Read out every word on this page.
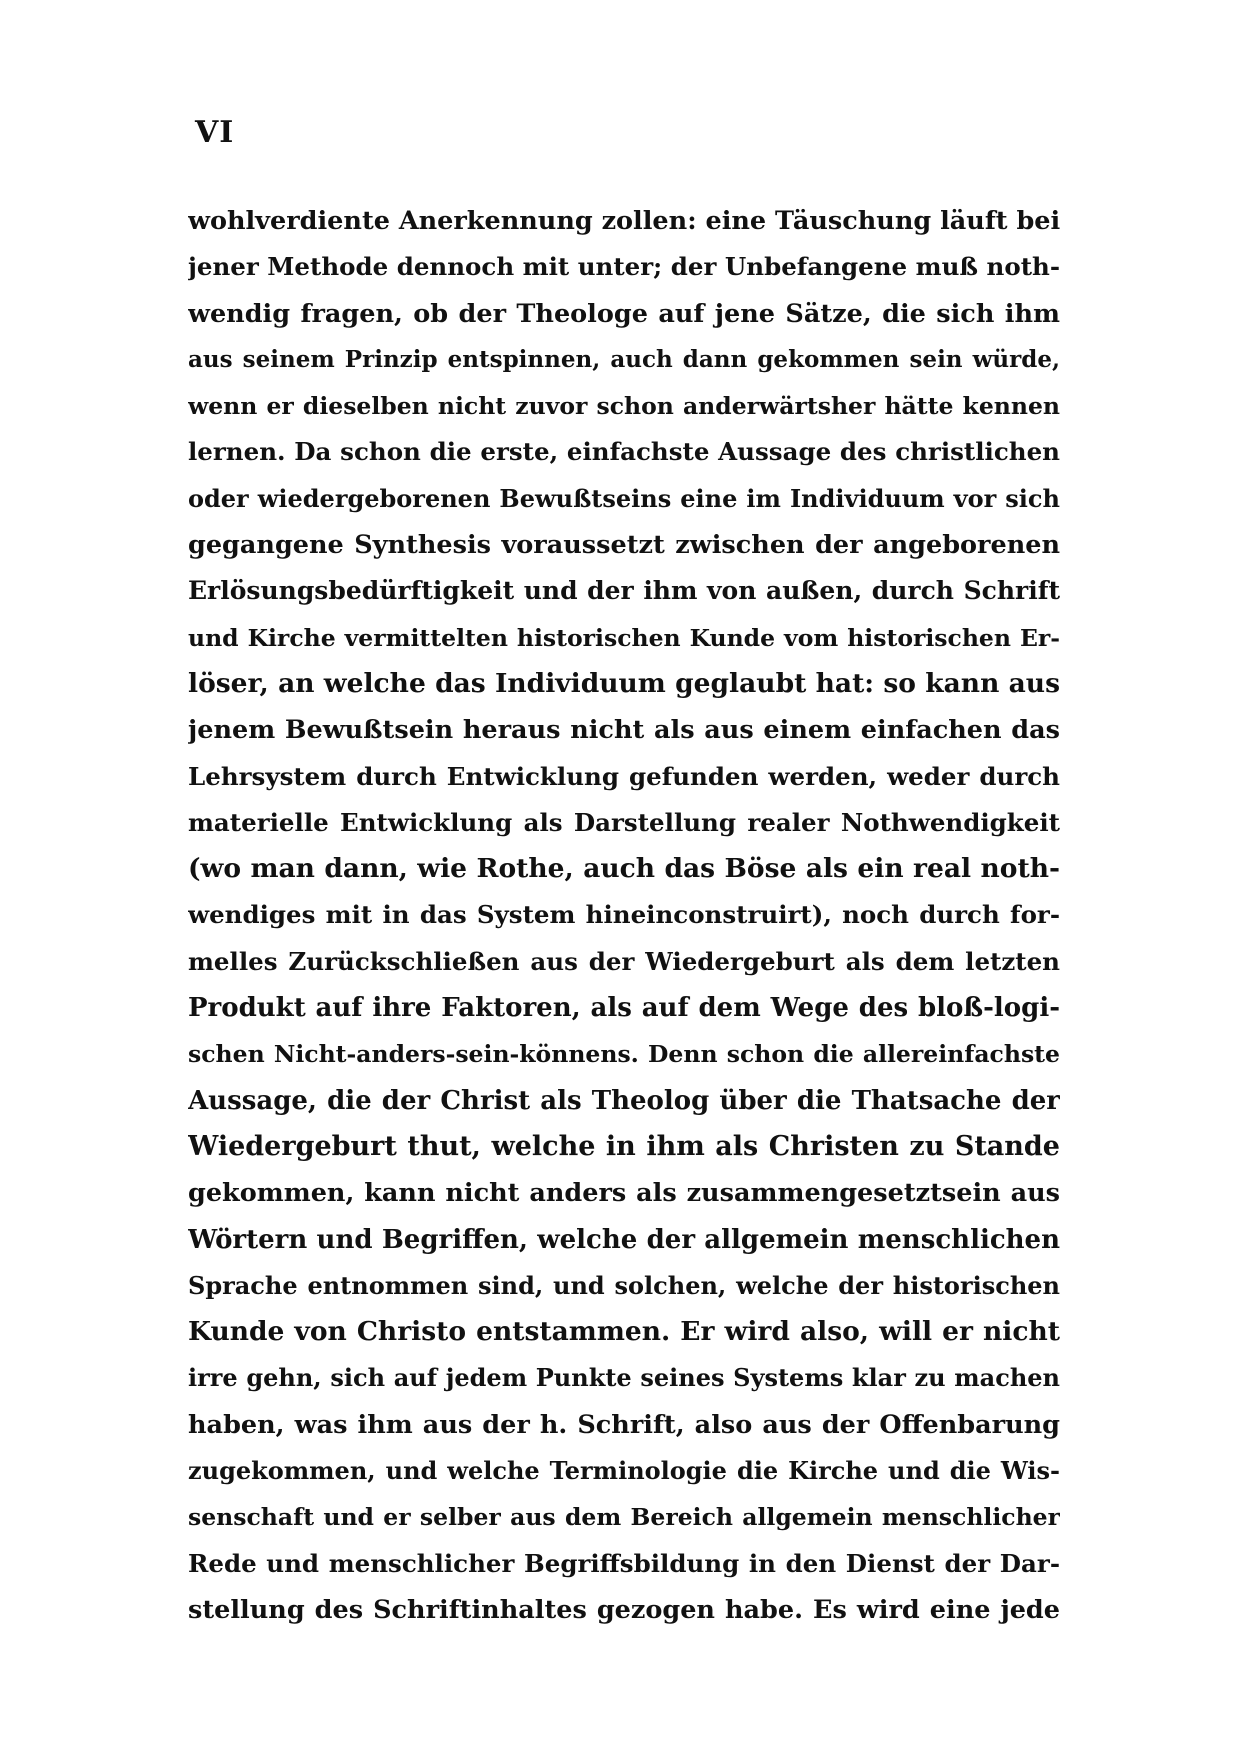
VI
wohlverdiente Anerkennung zollen: eine Täuschung läuft bei
jener Methode dennoch mit unter; der Unbefangene muß noth-
wendig fragen, ob der Theologe auf jene Sätze, die sich ihm
aus seinem Prinzip entspinnen, auch dann gekommen sein würde,
wenn er dieselben nicht zuvor schon anderwärtsher hätte kennen
lernen. Da schon die erste, einfachste Aussage des christlichen
oder wiedergeborenen Bewußtseins eine im Individuum vor sich
gegangene Synthesis voraussetzt zwischen der angeborenen
Erlösungsbedürftigkeit und der ihm von außen, durch Schrift
und Kirche vermittelten historischen Kunde vom historischen Er-
löser, an welche das Individuum geglaubt hat: so kann aus
jenem Bewußtsein heraus nicht als aus einem einfachen das
Lehrsystem durch Entwicklung gefunden werden, weder durch
materielle Entwicklung als Darstellung realer Nothwendigkeit
(wo man dann, wie Rothe, auch das Böse als ein real noth-
wendiges mit in das System hineinconstruirt), noch durch for-
melles Zurückschließen aus der Wiedergeburt als dem letzten
Produkt auf ihre Faktoren, als auf dem Wege des bloß-logi-
schen Nicht-anders-sein-könnens. Denn schon die allereinfachste
Aussage, die der Christ als Theolog über die Thatsache der
Wiedergeburt thut, welche in ihm als Christen zu Stande
gekommen, kann nicht anders als zusammengesetztsein aus
Wörtern und Begriffen, welche der allgemein menschlichen
Sprache entnommen sind, und solchen, welche der historischen
Kunde von Christo entstammen. Er wird also, will er nicht
irre gehn, sich auf jedem Punkte seines Systems klar zu machen
haben, was ihm aus der h. Schrift, also aus der Offenbarung
zugekommen, und welche Terminologie die Kirche und die Wis-
senschaft und er selber aus dem Bereich allgemein menschlicher
Rede und menschlicher Begriffsbildung in den Dienst der Dar-
stellung des Schriftinhaltes gezogen habe. Es wird eine jede
